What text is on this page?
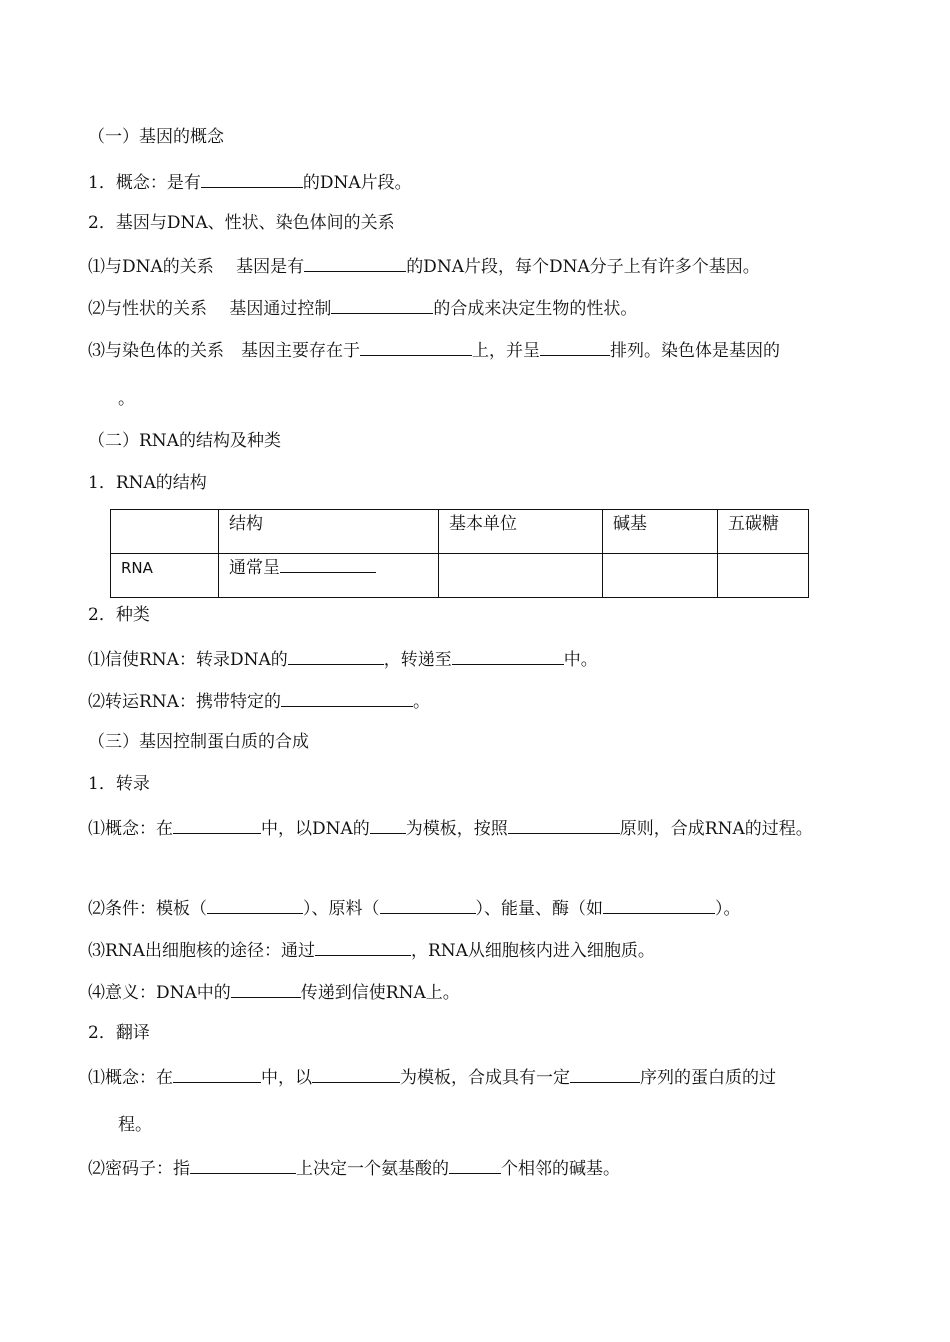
（一）基因的概念
1．概念：是有	的DNA片段。
2．基因与DNA、性状、染色体间的关系
⑴与DNA的关系　 基因是有	的DNA片段，每个DNA分子上有许多个基因。
⑵与性状的关系　 基因通过控制	的合成来决定生物的性状。
⑶与染色体的关系　基因主要存在于	上，并呈	排列。染色体是基因的
。
（二）RNA的结构及种类
1．RNA的结构
	结构	基本单位	碱基	五碳糖
RNA	通常呈			
2．种类
⑴信使RNA：转录DNA的	，转递至	中。
⑵转运RNA：携带特定的	。
（三）基因控制蛋白质的合成
1．转录
⑴概念：在	中，以DNA的 为模板，按照	原则，合成RNA的过程。
⑵条件：模板（	）、原料（	）、能量、酶（如	）。
⑶RNA出细胞核的途径：通过	，RNA从细胞核内进入细胞质。
⑷意义：DNA中的	传递到信使RNA上。
2．翻译
⑴概念：在	中，以	为模板，合成具有一定	序列的蛋白质的过
程。
⑵密码子：指	上决定一个氨基酸的	个相邻的碱基。
